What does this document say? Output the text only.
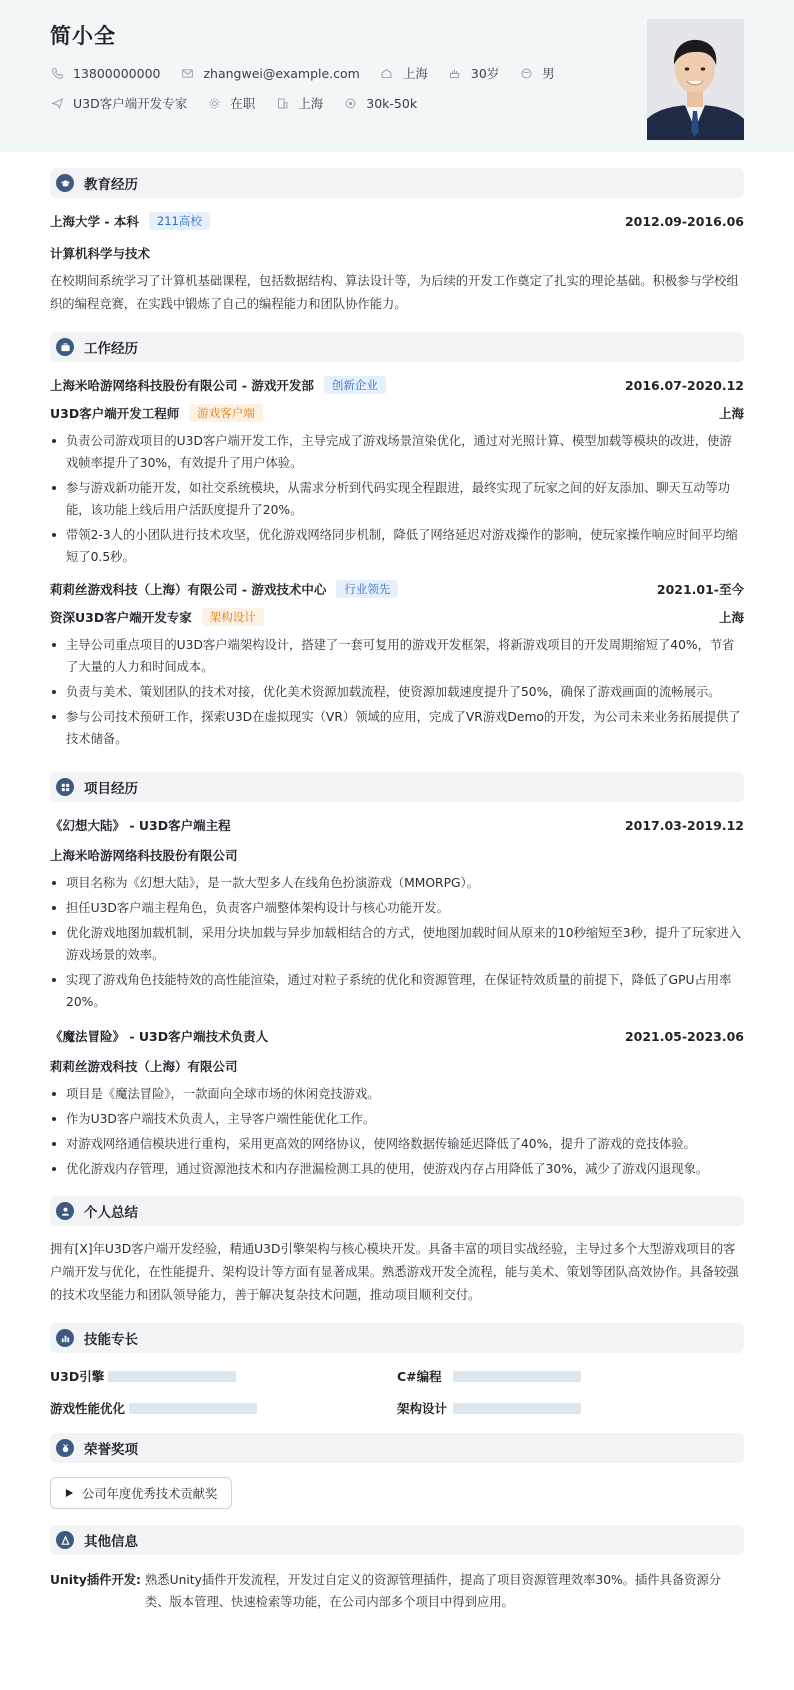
简小全
13800000000	zhangwei@example.com	上海	30岁	男
U3D客户端开发专家	在职	上海	30k-50k
教育经历
上海大学 - 本科	211高校	2012.09-2016.06
计算机科学与技术
在校期间系统学习了计算机基础课程，包括数据结构、算法设计等，为后续的开发工作奠定了扎实的理论基础。积极参与学校组织的编程竞赛，在实践中锻炼了自己的编程能力和团队协作能力。
工作经历
上海米哈游网络科技股份有限公司 - 游戏开发部	创新企业	2016.07-2020.12
U3D客户端开发工程师	游戏客户端	上海
负责公司游戏项目的U3D客户端开发工作，主导完成了游戏场景渲染优化，通过对光照计算、模型加载等模块的改进，使游戏帧率提升了30%，有效提升了用户体验。
参与游戏新功能开发，如社交系统模块，从需求分析到代码实现全程跟进，最终实现了玩家之间的好友添加、聊天互动等功能，该功能上线后用户活跃度提升了20%。
带领2-3人的小团队进行技术攻坚，优化游戏网络同步机制，降低了网络延迟对游戏操作的影响，使玩家操作响应时间平均缩短了0.5秒。
莉莉丝游戏科技（上海）有限公司 - 游戏技术中心	行业领先	2021.01-至今
资深U3D客户端开发专家	架构设计	上海
主导公司重点项目的U3D客户端架构设计，搭建了一套可复用的游戏开发框架，将新游戏项目的开发周期缩短了40%，节省了大量的人力和时间成本。
负责与美术、策划团队的技术对接，优化美术资源加载流程，使资源加载速度提升了50%，确保了游戏画面的流畅展示。
参与公司技术预研工作，探索U3D在虚拟现实（VR）领域的应用，完成了VR游戏Demo的开发，为公司未来业务拓展提供了技术储备。
项目经历
《幻想大陆》 - U3D客户端主程	2017.03-2019.12
上海米哈游网络科技股份有限公司
项目名称为《幻想大陆》，是一款大型多人在线角色扮演游戏（MMORPG）。
担任U3D客户端主程角色，负责客户端整体架构设计与核心功能开发。
优化游戏地图加载机制，采用分块加载与异步加载相结合的方式，使地图加载时间从原来的10秒缩短至3秒，提升了玩家进入游戏场景的效率。
实现了游戏角色技能特效的高性能渲染，通过对粒子系统的优化和资源管理，在保证特效质量的前提下，降低了GPU占用率20%。
《魔法冒险》 - U3D客户端技术负责人	2021.05-2023.06
莉莉丝游戏科技（上海）有限公司
项目是《魔法冒险》，一款面向全球市场的休闲竞技游戏。
作为U3D客户端技术负责人，主导客户端性能优化工作。
对游戏网络通信模块进行重构，采用更高效的网络协议，使网络数据传输延迟降低了40%，提升了游戏的竞技体验。
优化游戏内存管理，通过资源池技术和内存泄漏检测工具的使用，使游戏内存占用降低了30%，减少了游戏闪退现象。
个人总结
拥有[X]年U3D客户端开发经验，精通U3D引擎架构与核心模块开发。具备丰富的项目实战经验，主导过多个大型游戏项目的客户端开发与优化，在性能提升、架构设计等方面有显著成果。熟悉游戏开发全流程，能与美术、策划等团队高效协作。具备较强的技术攻坚能力和团队领导能力，善于解决复杂技术问题，推动项目顺利交付。
技能专长
U3D引擎	C#编程
游戏性能优化	架构设计
荣誉奖项
公司年度优秀技术贡献奖
其他信息
Unity插件开发: 熟悉Unity插件开发流程，开发过自定义的资源管理插件，提高了项目资源管理效率30%。插件具备资源分类、版本管理、快速检索等功能，在公司内部多个项目中得到应用。
